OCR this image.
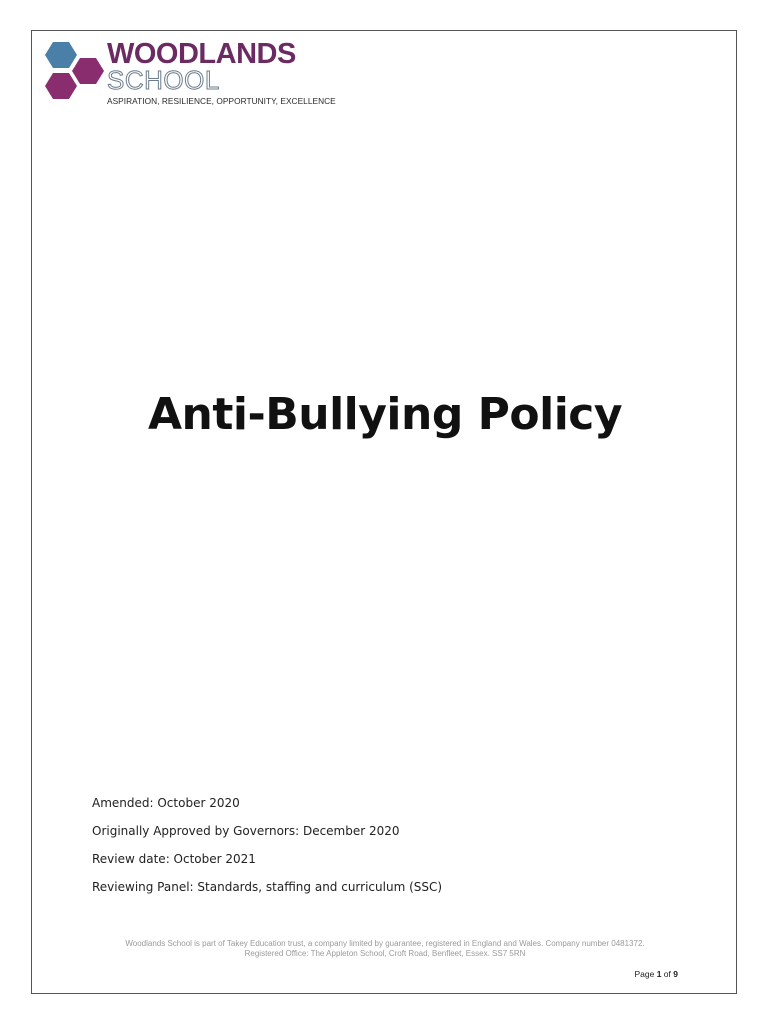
WOODLANDS
SCHOOL
ASPIRATION, RESILIENCE, OPPORTUNITY, EXCELLENCE
Anti-Bullying Policy
Amended: October 2020
Originally Approved by Governors: December 2020
Review date: October 2021
Reviewing Panel: Standards, staffing and curriculum (SSC)
Woodlands School is part of Takey Education trust, a company limited by guarantee, registered in England and Wales. Company number 0481372.
Registered Office: The Appleton School, Croft Road, Benfleet, Essex. SS7 5RN
Page 1 of 9
